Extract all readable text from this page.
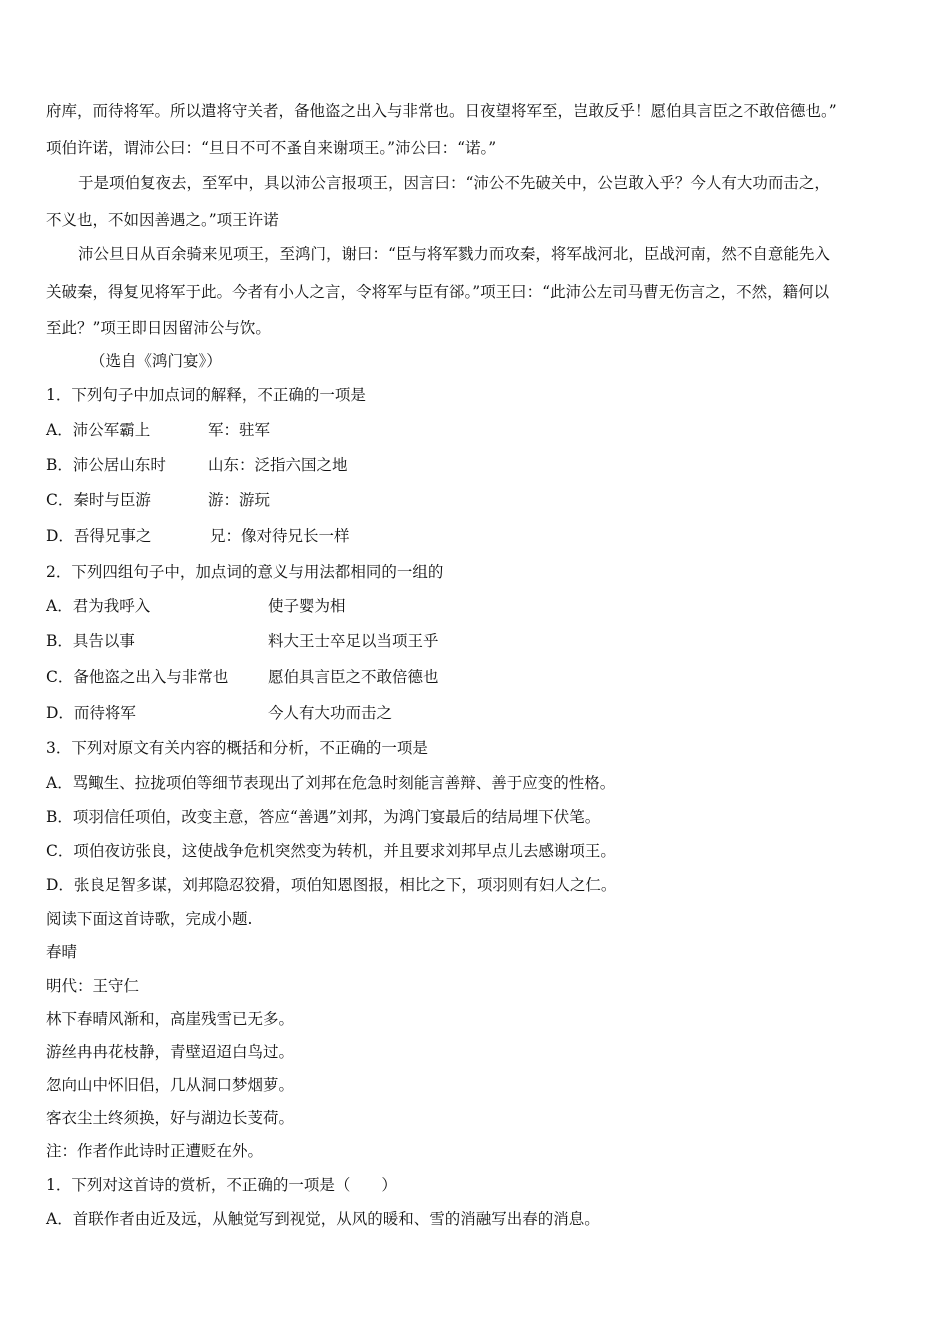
府库，而待将军。所以遣将守关者，备他盗之出入与非常也。日夜望将军至，岂敢反乎！愿伯具言臣之不敢倍德也。”
项伯许诺，谓沛公曰：“旦日不可不蚤自来谢项王。”沛公曰：“诺。”
于是项伯复夜去，至军中，具以沛公言报项王，因言曰：“沛公不先破关中，公岂敢入乎？今人有大功而击之，
不义也，不如因善遇之。”项王许诺
沛公旦日从百余骑来见项王，至鸿门，谢曰：“臣与将军戮力而攻秦，将军战河北，臣战河南，然不自意能先入
关破秦，得复见将军于此。今者有小人之言，令将军与臣有郤。”项王曰：“此沛公左司马曹无伤言之，不然，籍何以
至此？”项王即日因留沛公与饮。
（选自《鸿门宴》）
1．下列句子中加点词的解释，不正确的一项是
A．沛公军霸上	军：驻军
B．沛公居山东时	山东：泛指六国之地
C．秦时与臣游	游：游玩
D．吾得兄事之	兄：像对待兄长一样
2．下列四组句子中，加点词的意义与用法都相同的一组的
A．君为我呼入	使子婴为相
B．具告以事	料大王士卒足以当项王乎
C．备他盗之出入与非常也	愿伯具言臣之不敢倍德也
D．而待将军	今人有大功而击之
3．下列对原文有关内容的概括和分析，不正确的一项是
A．骂鲰生、拉拢项伯等细节表现出了刘邦在危急时刻能言善辩、善于应变的性格。
B．项羽信任项伯，改变主意，答应“善遇”刘邦，为鸿门宴最后的结局埋下伏笔。
C．项伯夜访张良，这使战争危机突然变为转机，并且要求刘邦早点儿去感谢项王。
D．张良足智多谋，刘邦隐忍狡猾，项伯知恩图报，相比之下，项羽则有妇人之仁。
阅读下面这首诗歌，完成小题.
春晴
明代：王守仁
林下春晴风渐和，高崖残雪已无多。
游丝冉冉花枝静，青壁迢迢白鸟过。
忽向山中怀旧侣，几从洞口梦烟萝。
客衣尘土终须换，好与湖边长芰荷。
注：作者作此诗时正遭贬在外。
1．下列对这首诗的赏析，不正确的一项是（　　）
A．首联作者由近及远，从触觉写到视觉，从风的暖和、雪的消融写出春的消息。
